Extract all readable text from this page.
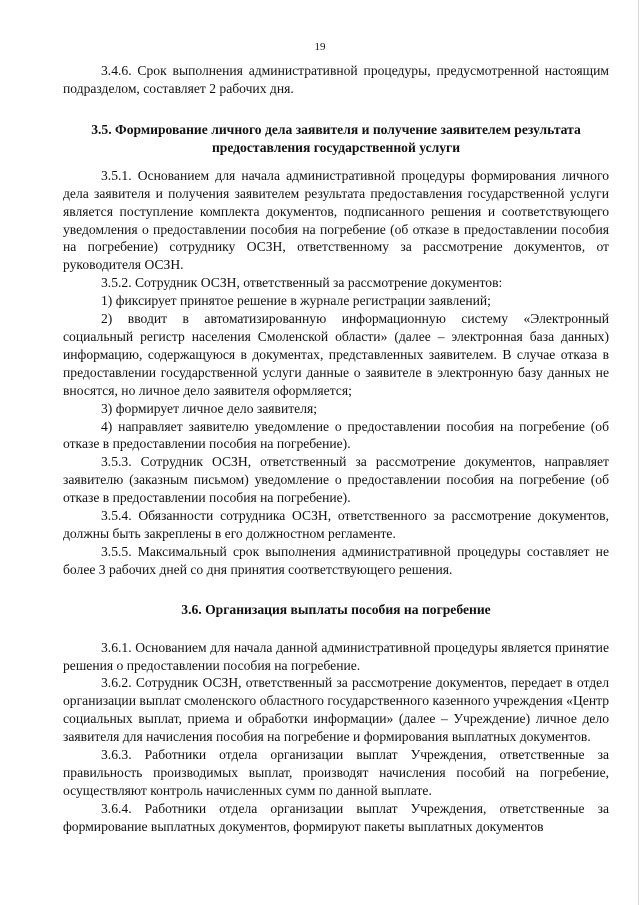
19

3.4.6. Срок выполнения административной процедуры, предусмотренной настоящим подразделом, составляет 2 рабочих дня.

3.5. Формирование личного дела заявителя и получение заявителем результата предоставления государственной услуги

3.5.1. Основанием для начала административной процедуры формирования личного дела заявителя и получения заявителем результата предоставления государственной услуги является поступление комплекта документов, подписанного решения и соответствующего уведомления о предоставлении пособия на погребение (об отказе в предоставлении пособия на погребение) сотруднику ОСЗН, ответственному за рассмотрение документов, от руководителя ОСЗН.

3.5.2. Сотрудник ОСЗН, ответственный за рассмотрение документов:

1) фиксирует принятое решение в журнале регистрации заявлений;

2) вводит в автоматизированную информационную систему «Электронный социальный регистр населения Смоленской области» (далее – электронная база данных) информацию, содержащуюся в документах, представленных заявителем. В случае отказа в предоставлении государственной услуги данные о заявителе в электронную базу данных не вносятся, но личное дело заявителя оформляется;

3) формирует личное дело заявителя;

4) направляет заявителю уведомление о предоставлении пособия на погребение (об отказе в предоставлении пособия на погребение).

3.5.3. Сотрудник ОСЗН, ответственный за рассмотрение документов, направляет заявителю (заказным письмом) уведомление о предоставлении пособия на погребение (об отказе в предоставлении пособия на погребение).

3.5.4. Обязанности сотрудника ОСЗН, ответственного за рассмотрение документов, должны быть закреплены в его должностном регламенте.

3.5.5. Максимальный срок выполнения административной процедуры составляет не более 3 рабочих дней со дня принятия соответствующего решения.

3.6. Организация выплаты пособия на погребение

3.6.1. Основанием для начала данной административной процедуры является принятие решения о предоставлении пособия на погребение.

3.6.2. Сотрудник ОСЗН, ответственный за рассмотрение документов, передает в отдел организации выплат смоленского областного государственного казенного учреждения «Центр социальных выплат, приема и обработки информации» (далее – Учреждение) личное дело заявителя для начисления пособия на погребение и формирования выплатных документов.

3.6.3. Работники отдела организации выплат Учреждения, ответственные за правильность производимых выплат, производят начисления пособий на погребение, осуществляют контроль начисленных сумм по данной выплате.

3.6.4. Работники отдела организации выплат Учреждения, ответственные за формирование выплатных документов, формируют пакеты выплатных документов
